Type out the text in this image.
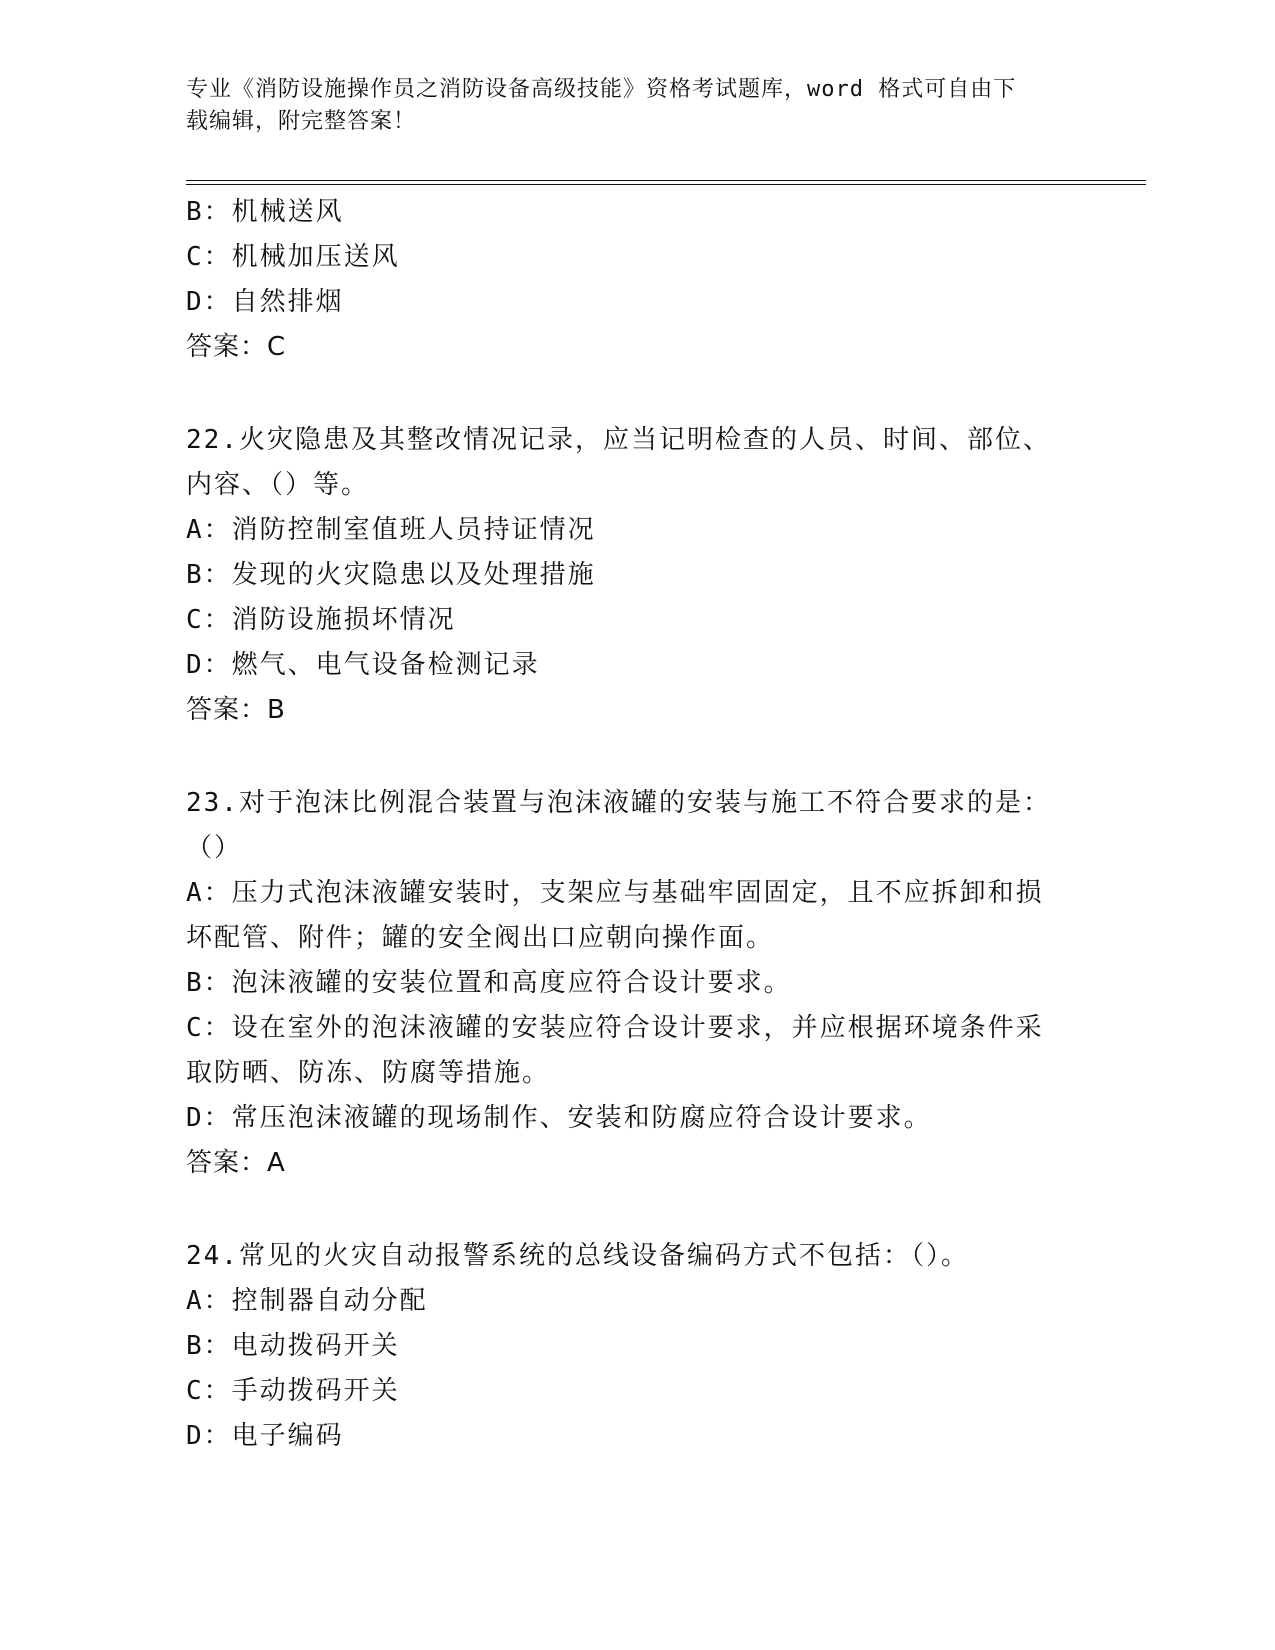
专业《消防设施操作员之消防设备高级技能》资格考试题库，word 格式可自由下
载编辑，附完整答案！

B：机械送风

C：机械加压送风

D：自然排烟

答案：C

22.火灾隐患及其整改情况记录，应当记明检查的人员、时间、部位、

内容、（）等。

A：消防控制室值班人员持证情况

B：发现的火灾隐患以及处理措施

C：消防设施损坏情况

D：燃气、电气设备检测记录

答案：B

23.对于泡沫比例混合装置与泡沫液罐的安装与施工不符合要求的是：

（）

A：压力式泡沫液罐安装时，支架应与基础牢固固定，且不应拆卸和损

坏配管、附件；罐的安全阀出口应朝向操作面。

B：泡沫液罐的安装位置和高度应符合设计要求。

C：设在室外的泡沫液罐的安装应符合设计要求，并应根据环境条件采

取防晒、防冻、防腐等措施。

D：常压泡沫液罐的现场制作、安装和防腐应符合设计要求。

答案：A

24.常见的火灾自动报警系统的总线设备编码方式不包括：（）。

A：控制器自动分配

B：电动拨码开关

C：手动拨码开关

D：电子编码
